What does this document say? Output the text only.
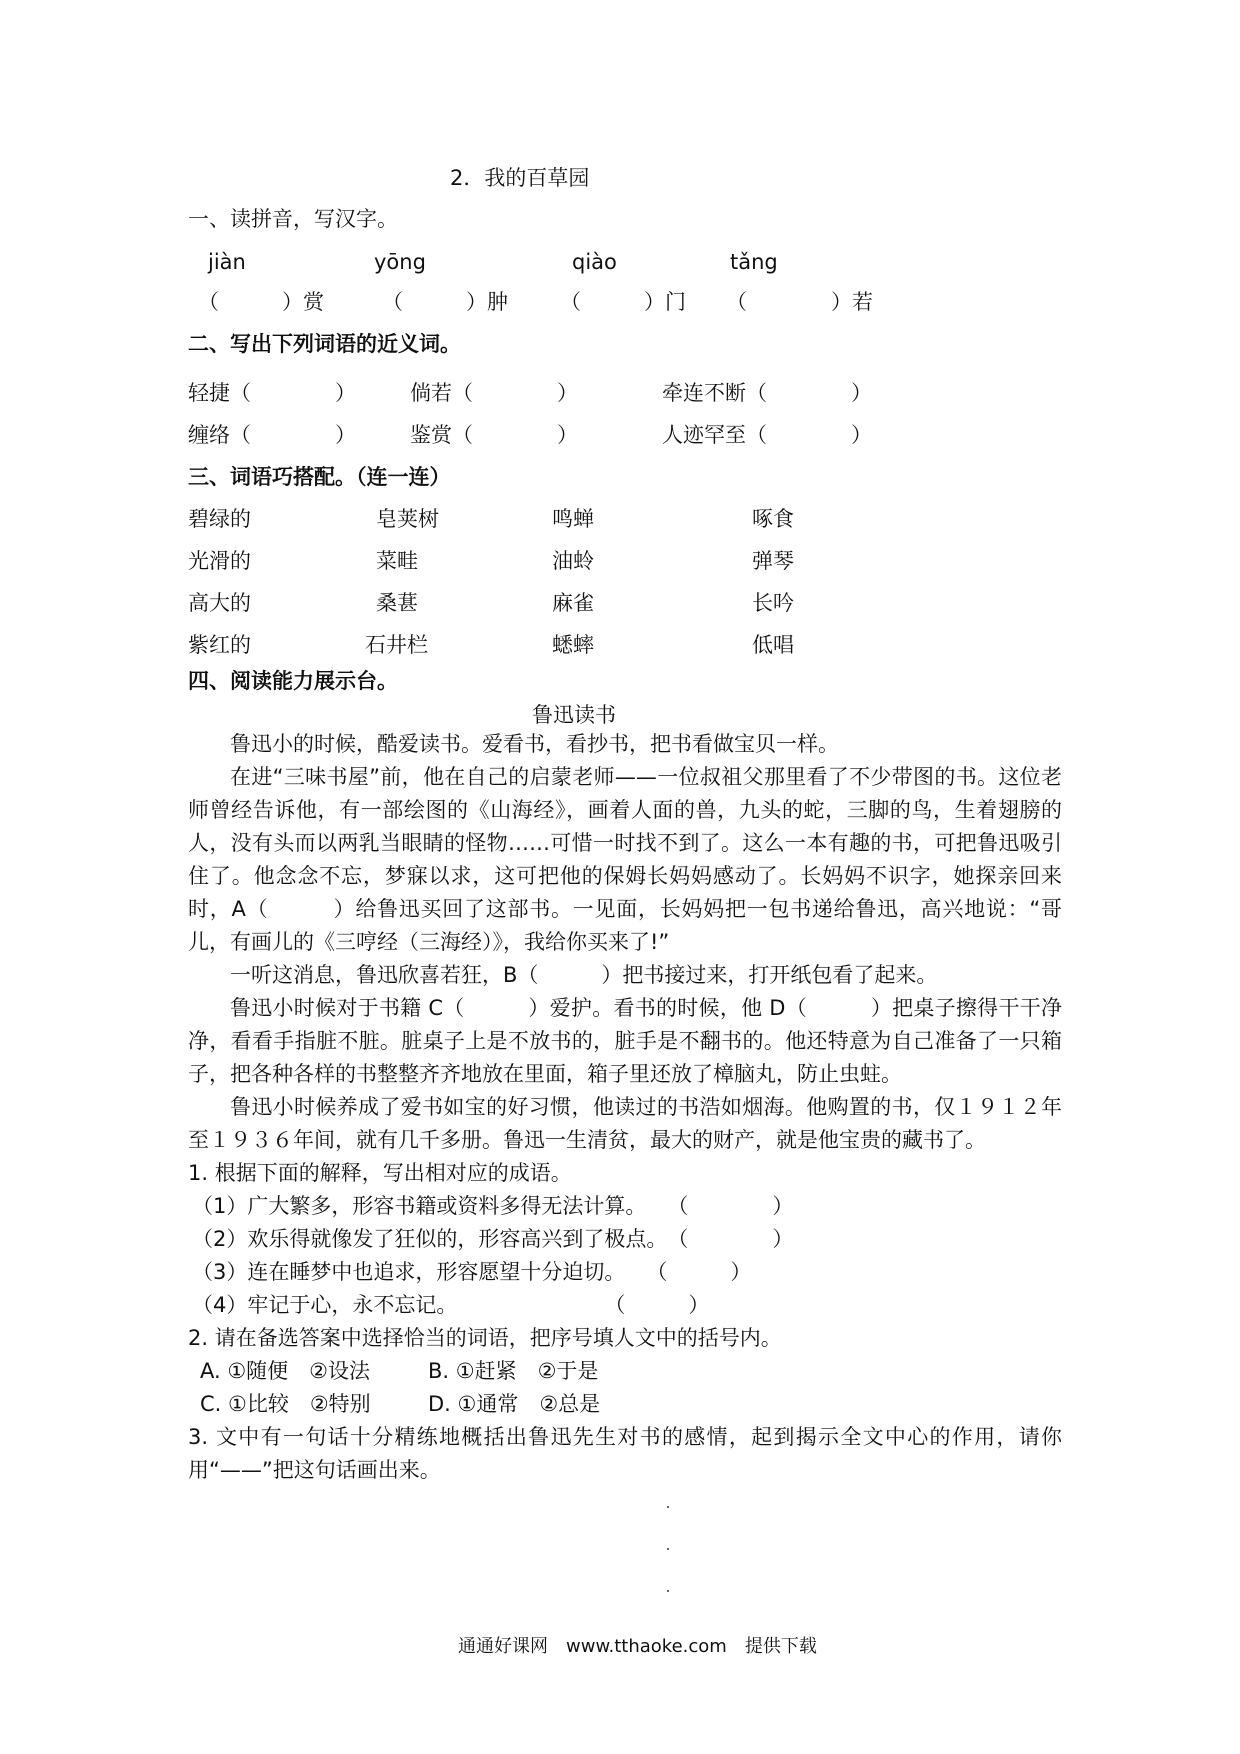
2．我的百草园
一、读拼音，写汉字。
jiàn	yōng	qiào	tǎng
（　　　）赏	（　　　）肿 （　　　）门 （　　　　）若
二、写出下列词语的近义词。
轻捷（　　　　）	倘若（　　　　）	牵连不断（　　　　）
缠络（　　　　）	鉴赏（　　　　）	人迹罕至（　　　　）
三、词语巧搭配。（连一连）
碧绿的	皂荚树	鸣蝉	啄食
光滑的	菜畦	油蛉	弹琴
高大的	桑葚	麻雀	长吟
紫红的	石井栏	蟋蟀	低唱
四、阅读能力展示台。
鲁迅读书
鲁迅小的时候，酷爱读书。爱看书，看抄书，把书看做宝贝一样。
在进“三味书屋”前，他在自己的启蒙老师——一位叔祖父那里看了不少带图的书。这位老师曾经告诉他，有一部绘图的《山海经》，画着人面的兽，九头的蛇，三脚的鸟，生着翅膀的人，没有头而以两乳当眼睛的怪物……可惜一时找不到了。这么一本有趣的书，可把鲁迅吸引住了。他念念不忘，梦寐以求，这可把他的保姆长妈妈感动了。长妈妈不识字，她探亲回来时，A（　　　）给鲁迅买回了这部书。一见面，长妈妈把一包书递给鲁迅，高兴地说：“哥儿，有画儿的《三哼经（三海经）》，我给你买来了!”
一听这消息，鲁迅欣喜若狂，B（　　　）把书接过来，打开纸包看了起来。
鲁迅小时候对于书籍 C（　　　）爱护。看书的时候，他 D（　　　）把桌子擦得干干净净，看看手指脏不脏。脏桌子上是不放书的，脏手是不翻书的。他还特意为自己准备了一只箱子，把各种各样的书整整齐齐地放在里面，箱子里还放了樟脑丸，防止虫蛀。
鲁迅小时候养成了爱书如宝的好习惯，他读过的书浩如烟海。他购置的书，仅１９１２年至１９３６年间，就有几千多册。鲁迅一生清贫，最大的财产，就是他宝贵的藏书了。
1. 根据下面的解释，写出相对应的成语。
（1）广大繁多，形容书籍或资料多得无法计算。　　（　　　　）
（2）欢乐得就像发了狂似的，形容高兴到了极点。　（　　　　）
（3）连在睡梦中也追求，形容愿望十分迫切。　　（　　　）
（4）牢记于心，永不忘记。　　　　　　　　（　　　）
2. 请在备选答案中选择恰当的词语，把序号填人文中的括号内。
A. ①随便　②设法	B. ①赶紧　②于是
C. ①比较　②特别	D. ①通常　②总是
3. 文中有一句话十分精练地概括出鲁迅先生对书的感情，起到揭示全文中心的作用，请你用“——”把这句话画出来。
通通好课网　www.tthaoke.com　提供下载
